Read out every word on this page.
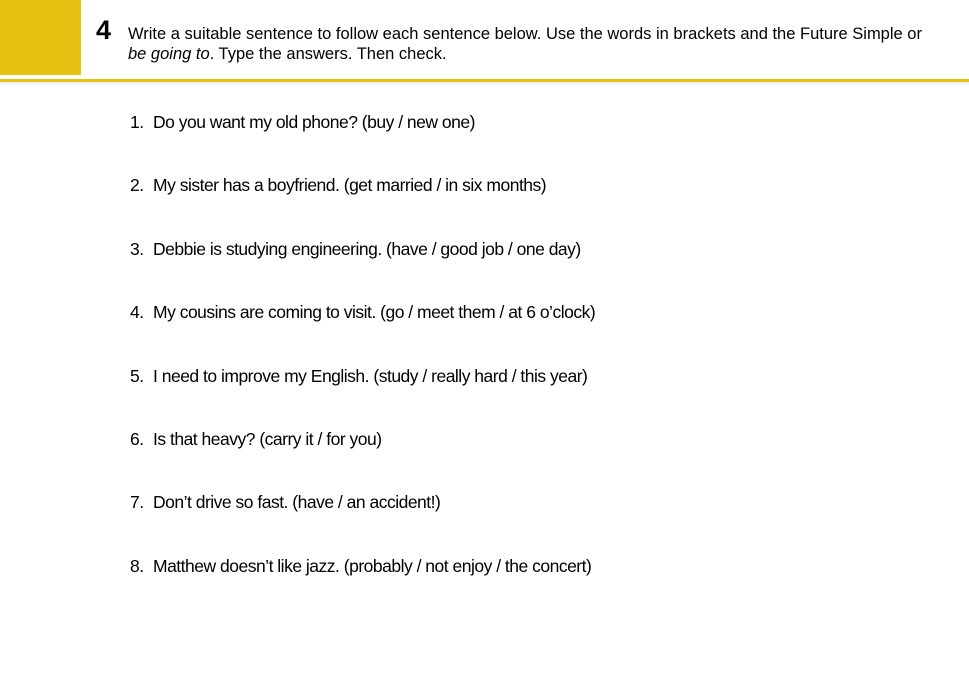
4 Write a suitable sentence to follow each sentence below. Use the words in brackets and the Future Simple or be going to. Type the answers. Then check.
1. Do you want my old phone? (buy / new one)
2. My sister has a boyfriend. (get married / in six months)
3. Debbie is studying engineering. (have / good job / one day)
4. My cousins are coming to visit. (go / meet them / at 6 o’clock)
5. I need to improve my English. (study / really hard / this year)
6. Is that heavy? (carry it / for you)
7. Don’t drive so fast. (have / an accident!)
8. Matthew doesn’t like jazz. (probably / not enjoy / the concert)
